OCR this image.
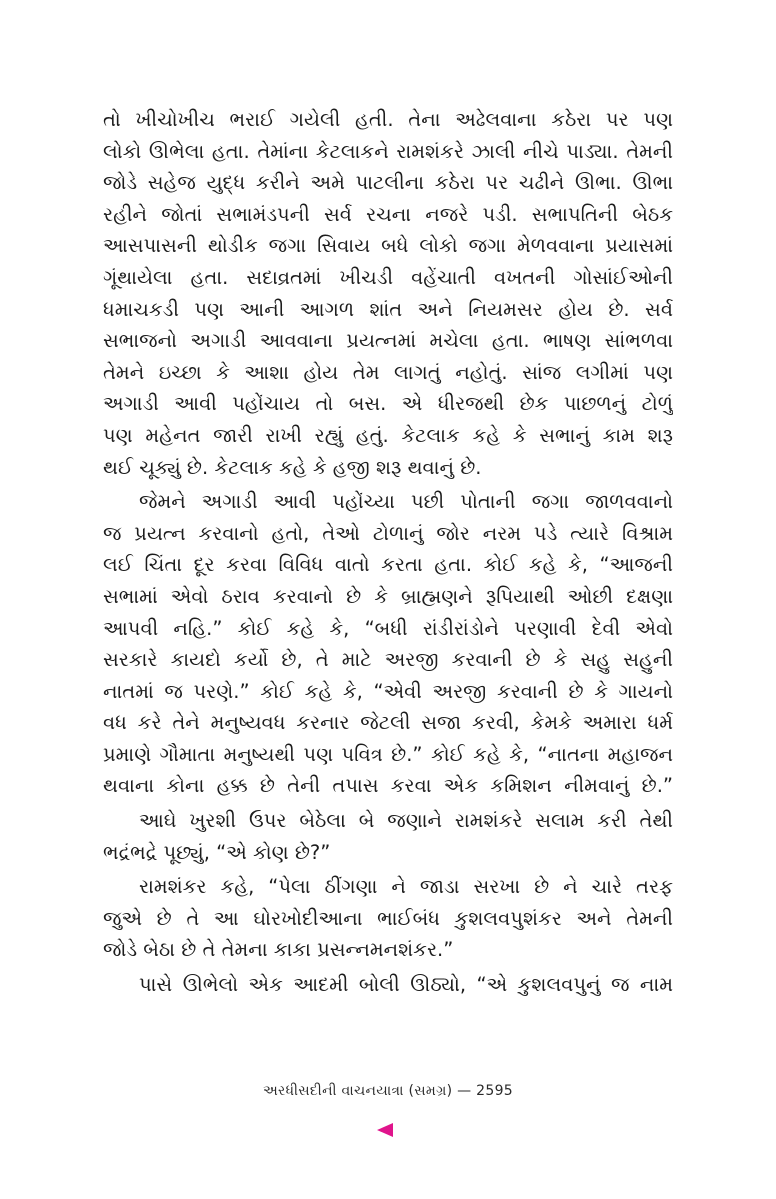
તો ખીચોખીચ ભરાઈ ગયેલી હતી. તેના અઢેલવાના કઠેરા પર પણ
લોકો ઊભેલા હતા. તેમાંના કેટલાકને રામશંકરે ઝાલી નીચે પાડ્યા. તેમની
જોડે સહેજ યુદ્ધ કરીને અમે પાટલીના કઠેરા પર ચઢીને ઊભા. ઊભા
રહીને જોતાં સભામંડપની સર્વ રચના નજરે પડી. સભાપતિની બેઠક
આસપાસની થોડીક જગા સિવાય બધે લોકો જગા મેળવવાના પ્રયાસમાં
ગૂંથાયેલા હતા. સદાવ્રતમાં ખીચડી વહેંચાતી વખતની ગોસાંઈઓની
ધમાચકડી પણ આની આગળ શાંત અને નિયમસર હોય છે. સર્વ
સભાજનો અગાડી આવવાના પ્રયત્નમાં મચેલા હતા. ભાષણ સાંભળવા
તેમને ઇચ્છા કે આશા હોય તેમ લાગતું નહોતું. સાંજ લગીમાં પણ
અગાડી આવી પહોંચાય તો બસ. એ ધીરજથી છેક પાછળનું ટોળું
પણ મહેનત જારી રાખી રહ્યું હતું. કેટલાક કહે કે સભાનું કામ શરૂ
થઈ ચૂક્યું છે. કેટલાક કહે કે હજી શરૂ થવાનું છે.
જેમને અગાડી આવી પહોંચ્યા પછી પોતાની જગા જાળવવાનો
જ પ્રયત્ન કરવાનો હતો, તેઓ ટોળાનું જોર નરમ પડે ત્યારે વિશ્રામ
લઈ ચિંતા દૂર કરવા વિવિધ વાતો કરતા હતા. કોઈ કહે કે, “આજની
સભામાં એવો ઠરાવ કરવાનો છે કે બ્રાહ્મણને રૂપિયાથી ઓછી દક્ષણા
આપવી નહિ.” કોઈ કહે કે, “બધી રાંડીરાંડોને પરણાવી દેવી એવો
સરકારે કાયદો કર્યો છે, તે માટે અરજી કરવાની છે કે સહુ સહુની
નાતમાં જ પરણે.” કોઈ કહે કે, “એવી અરજી કરવાની છે કે ગાયનો
વધ કરે તેને મનુષ્યવધ કરનાર જેટલી સજા કરવી, કેમકે અમારા ધર્મ
પ્રમાણે ગૌમાતા મનુષ્યથી પણ પવિત્ર છે.” કોઈ કહે કે, “નાતના મહાજન
થવાના કોના હક્ક છે તેની તપાસ કરવા એક કમિશન નીમવાનું છે.”
આઘે ખુરશી ઉપર બેઠેલા બે જણાને રામશંકરે સલામ કરી તેથી
ભદ્રંભદ્રે પૂછ્યું, “એ કોણ છે?”
રામશંકર કહે, “પેલા ઠીંગણા ને જાડા સરખા છે ને ચારે તરફ
જુએ છે તે આ ઘોરખોદીઆના ભાઈબંધ કુશલવપુશંકર અને તેમની
જોડે બેઠા છે તે તેમના કાકા પ્રસન્નમનશંકર.”
પાસે ઊભેલો એક આદમી બોલી ઊઠ્યો, “એ કુશલવપુનું જ નામ
અરધીસદીની વાચનયાત્રા (સમગ્ર) — 2595
